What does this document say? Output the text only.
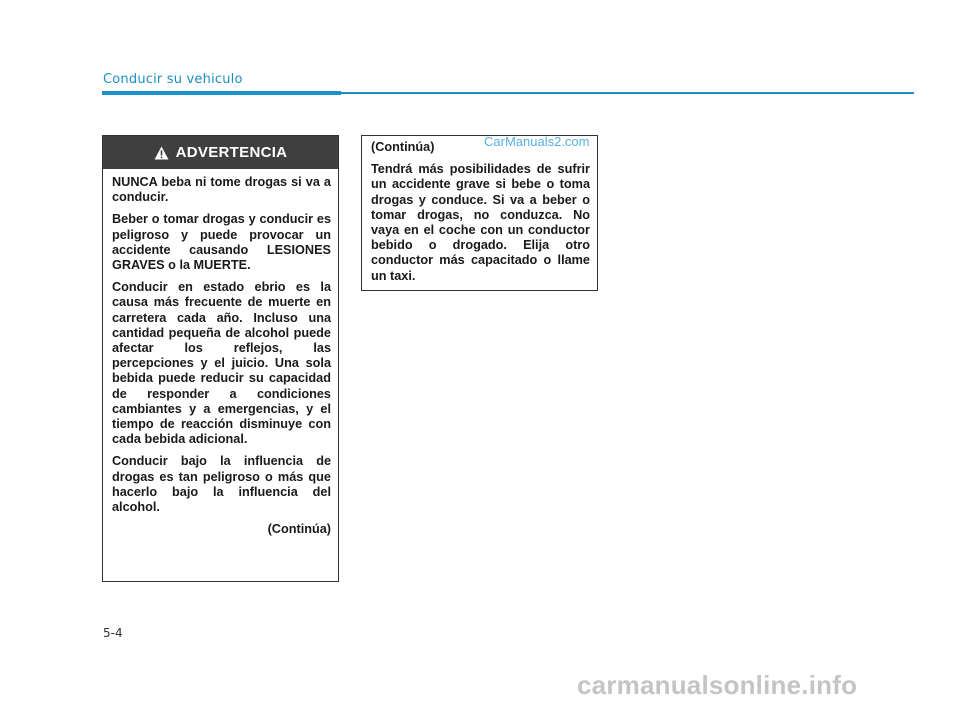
Conducir su vehiculo
ADVERTENCIA

NUNCA beba ni tome drogas si va a conducir.

Beber o tomar drogas y conducir es peligroso y puede provocar un accidente causando LESIONES GRAVES o la MUERTE.

Conducir en estado ebrio es la causa más frecuente de muerte en carretera cada año. Incluso una cantidad pequeña de alcohol puede afectar los reflejos, las percepciones y el juicio. Una sola bebida puede reducir su capacidad de responder a condiciones cambiantes y a emergencias, y el tiempo de reacción disminuye con cada bebida adicional.

Conducir bajo la influencia de drogas es tan peligroso o más que hacerlo bajo la influencia del alcohol.

(Continúa)

(Continúa)

Tendrá más posibilidades de sufrir un accidente grave si bebe o toma drogas y conduce. Si va a beber o tomar drogas, no conduzca. No vaya en el coche con un conductor bebido o drogado. Elija otro conductor más capacitado o llame un taxi.

CarManuals2.com
5-4
carmanualsonline.info
